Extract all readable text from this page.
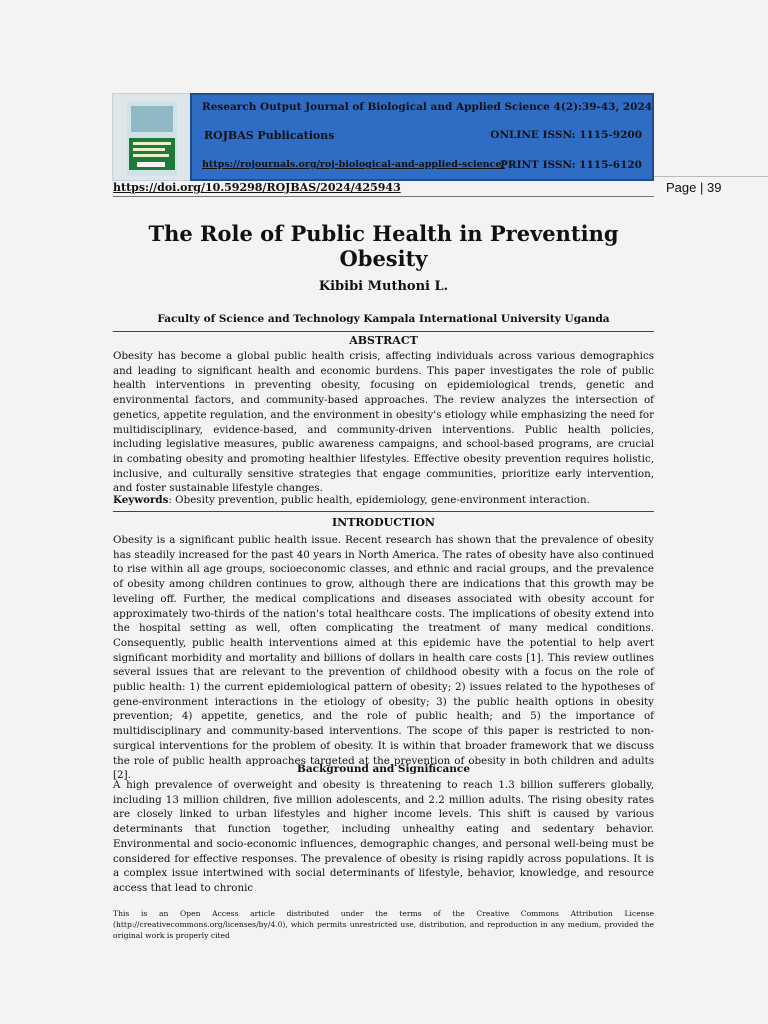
Research Output Journal of Biological and Applied Science 4(2):39-43, 2024
ROJBAS Publications	ONLINE ISSN: 1115-9200
https://rojournals.org/roj-biological-and-applied-science/
PRINT ISSN: 1115-6120
https://doi.org/10.59298/ROJBAS/2024/425943	Page | 39
The Role of Public Health in Preventing Obesity
Kibibi Muthoni L.
Faculty of Science and Technology Kampala International University Uganda
ABSTRACT
Obesity has become a global public health crisis, affecting individuals across various demographics and leading to significant health and economic burdens. This paper investigates the role of public health interventions in preventing obesity, focusing on epidemiological trends, genetic and environmental factors, and community-based approaches. The review analyzes the intersection of genetics, appetite regulation, and the environment in obesity's etiology while emphasizing the need for multidisciplinary, evidence-based, and community-driven interventions. Public health policies, including legislative measures, public awareness campaigns, and school-based programs, are crucial in combating obesity and promoting healthier lifestyles. Effective obesity prevention requires holistic, inclusive, and culturally sensitive strategies that engage communities, prioritize early intervention, and foster sustainable lifestyle changes.
Keywords: Obesity prevention, public health, epidemiology, gene-environment interaction.
INTRODUCTION
Obesity is a significant public health issue. Recent research has shown that the prevalence of obesity has steadily increased for the past 40 years in North America. The rates of obesity have also continued to rise within all age groups, socioeconomic classes, and ethnic and racial groups, and the prevalence of obesity among children continues to grow, although there are indications that this growth may be leveling off. Further, the medical complications and diseases associated with obesity account for approximately two-thirds of the nation's total healthcare costs. The implications of obesity extend into the hospital setting as well, often complicating the treatment of many medical conditions. Consequently, public health interventions aimed at this epidemic have the potential to help avert significant morbidity and mortality and billions of dollars in health care costs [1]. This review outlines several issues that are relevant to the prevention of childhood obesity with a focus on the role of public health: 1) the current epidemiological pattern of obesity; 2) issues related to the hypotheses of gene-environment interactions in the etiology of obesity; 3) the public health options in obesity prevention; 4) appetite, genetics, and the role of public health; and 5) the importance of multidisciplinary and community-based interventions. The scope of this paper is restricted to non-surgical interventions for the problem of obesity. It is within that broader framework that we discuss the role of public health approaches targeted at the prevention of obesity in both children and adults [2].
Background and Significance
A high prevalence of overweight and obesity is threatening to reach 1.3 billion sufferers globally, including 13 million children, five million adolescents, and 2.2 million adults. The rising obesity rates are closely linked to urban lifestyles and higher income levels. This shift is caused by various determinants that function together, including unhealthy eating and sedentary behavior. Environmental and socio-economic influences, demographic changes, and personal well-being must be considered for effective responses. The prevalence of obesity is rising rapidly across populations. It is a complex issue intertwined with social determinants of lifestyle, behavior, knowledge, and resource access that lead to chronic
This is an Open Access article distributed under the terms of the Creative Commons Attribution License (http://creativecommons.org/licenses/by/4.0), which permits unrestricted use, distribution, and reproduction in any medium, provided the original work is properly cited
